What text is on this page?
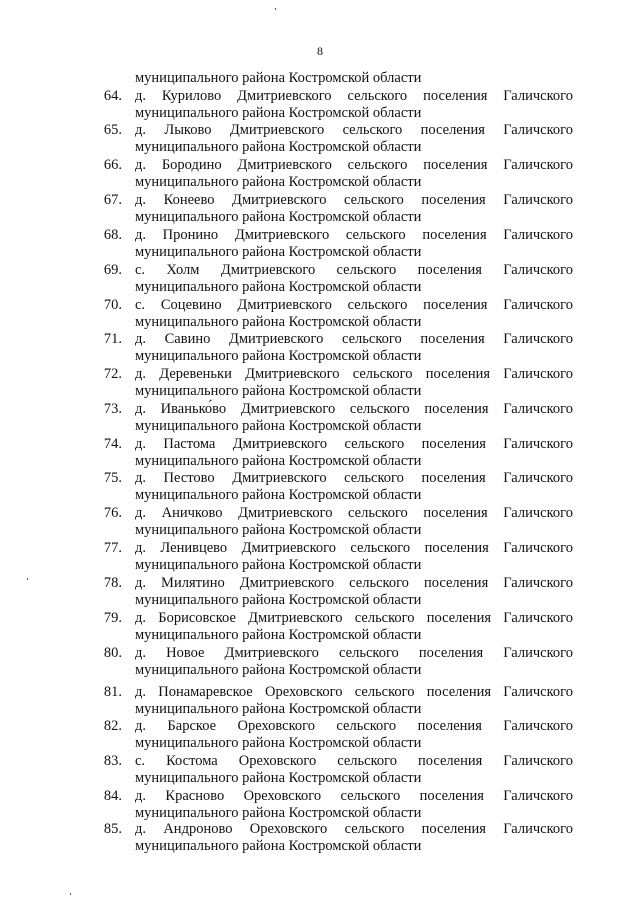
8
муниципального района Костромской области
64. д. Курилово Дмитриевского сельского поселения Галичского
муниципального района Костромской области
65. д. Лыково Дмитриевского сельского поселения Галичского
муниципального района Костромской области
66. д. Бородино Дмитриевского сельского поселения Галичского
муниципального района Костромской области
67. д. Конеево Дмитриевского сельского поселения Галичского
муниципального района Костромской области
68. д. Пронино Дмитриевского сельского поселения Галичского
муниципального района Костромской области
69. с. Холм Дмитриевского сельского поселения Галичского
муниципального района Костромской области
70. с. Соцевино Дмитриевского сельского поселения Галичского
муниципального района Костромской области
71. д. Савино Дмитриевского сельского поселения Галичского
муниципального района Костромской области
72. д. Деревеньки Дмитриевского сельского поселения Галичского
муниципального района Костромской области
73. д. Иванько́во Дмитриевского сельского поселения Галичского
муниципального района Костромской области
74. д. Пастома Дмитриевского сельского поселения Галичского
муниципального района Костромской области
75. д. Пестово Дмитриевского сельского поселения Галичского
муниципального района Костромской области
76. д. Аничково Дмитриевского сельского поселения Галичского
муниципального района Костромской области
77. д. Ленивцево Дмитриевского сельского поселения Галичского
муниципального района Костромской области
78. д. Милятино Дмитриевского сельского поселения Галичского
муниципального района Костромской области
79. д. Борисовское Дмитриевского сельского поселения Галичского
муниципального района Костромской области
80. д. Новое Дмитриевского сельского поселения Галичского
муниципального района Костромской области
81. д. Понамаревское Ореховского сельского поселения Галичского
муниципального района Костромской области
82. д. Барское Ореховского сельского поселения Галичского
муниципального района Костромской области
83. с. Костома Ореховского сельского поселения Галичского
муниципального района Костромской области
84. д. Красново Ореховского сельского поселения Галичского
муниципального района Костромской области
85. д. Андроново Ореховского сельского поселения Галичского
муниципального района Костромской области
